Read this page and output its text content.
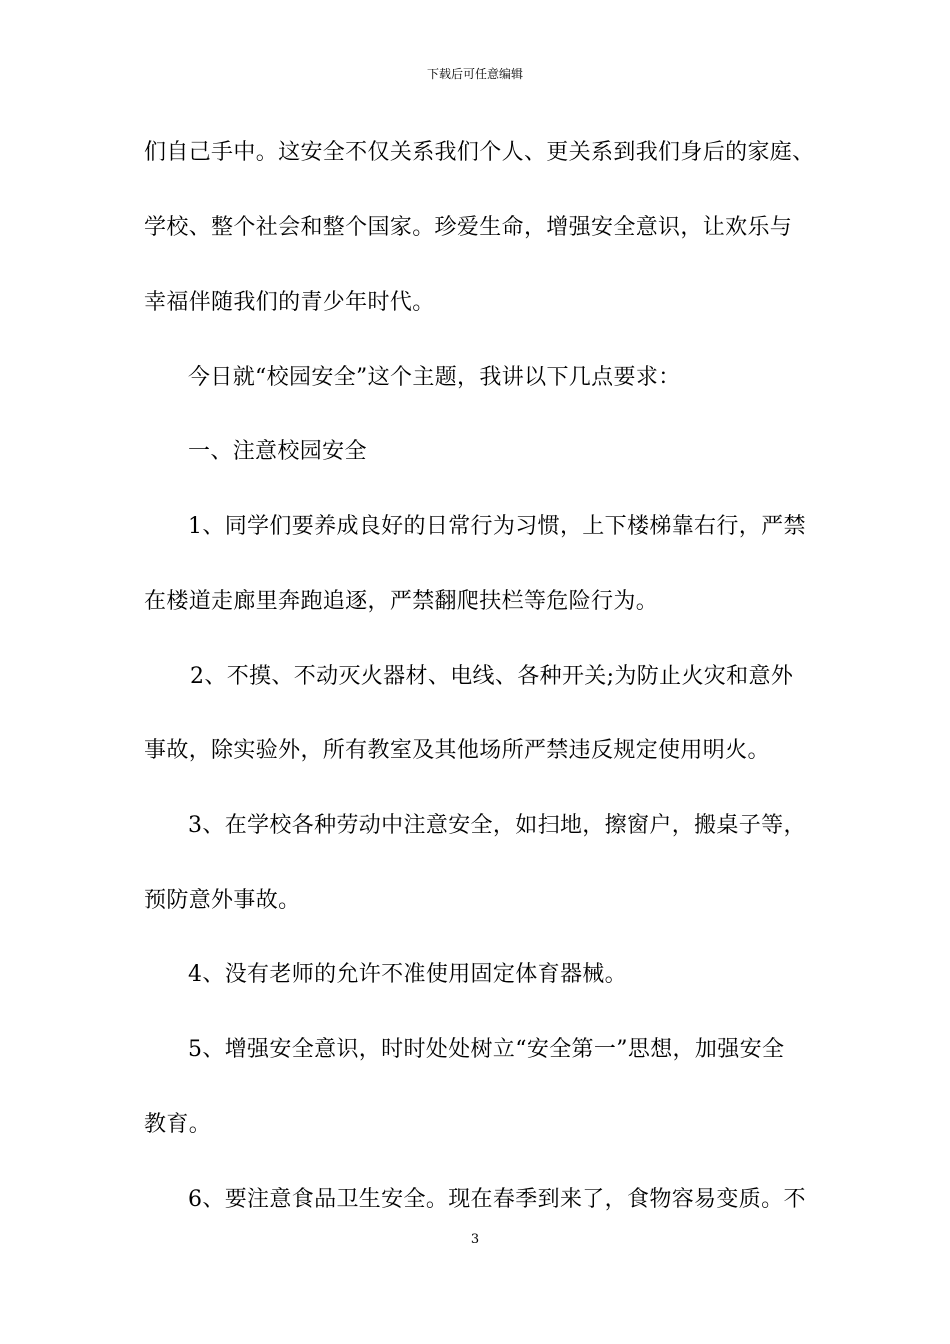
下载后可任意编辑
们自己手中。这安全不仅关系我们个人、更关系到我们身后的家庭、
学校、整个社会和整个国家。珍爱生命，增强安全意识，让欢乐与
幸福伴随我们的青少年时代。
今日就“校园安全”这个主题，我讲以下几点要求：
一、注意校园安全
1、同学们要养成良好的日常行为习惯，上下楼梯靠右行，严禁
在楼道走廊里奔跑追逐，严禁翻爬扶栏等危险行为。
2、不摸、不动灭火器材、电线、各种开关;为防止火灾和意外
事故，除实验外，所有教室及其他场所严禁违反规定使用明火。
3、在学校各种劳动中注意安全，如扫地，擦窗户，搬桌子等，
预防意外事故。
4、没有老师的允许不准使用固定体育器械。
5、增强安全意识，时时处处树立“安全第一”思想，加强安全
教育。
6、要注意食品卫生安全。现在春季到来了，食物容易变质。不
3
